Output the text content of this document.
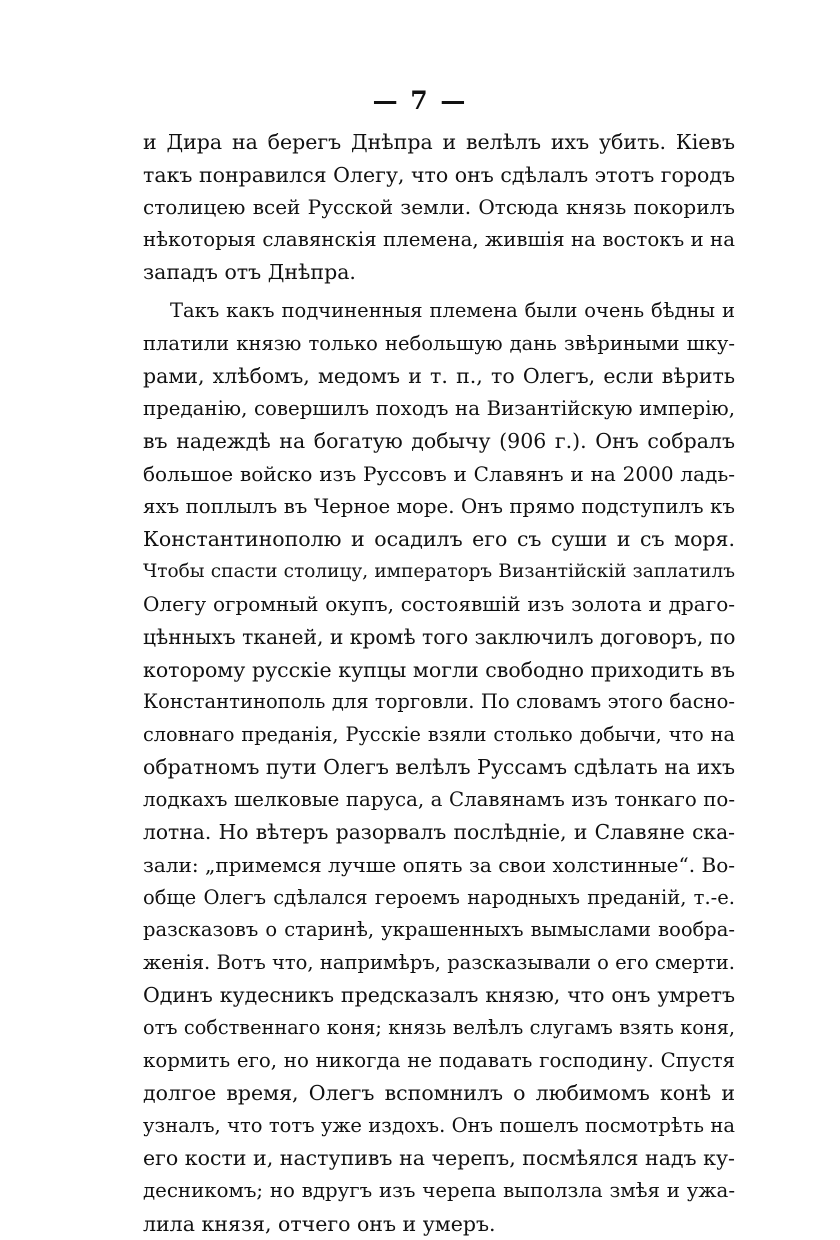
— 7 —
и Дира на берегъ Днѣпра и велѣлъ ихъ убить. Кіевъ
такъ понравился Олегу, что онъ сдѣлалъ этотъ городъ
столицею всей Русской земли. Отсюда князь покорилъ
нѣкоторыя славянскія племена, жившія на востокъ и на
западъ отъ Днѣпра.
Такъ какъ подчиненныя племена были очень бѣдны и
платили князю только небольшую дань звѣриными шку-
рами, хлѣбомъ, медомъ и т. п., то Олегъ, если вѣрить
преданію, совершилъ походъ на Византійскую имперію,
въ надеждѣ на богатую добычу (906 г.). Онъ собралъ
большое войско изъ Руссовъ и Славянъ и на 2000 ладь-
яхъ поплылъ въ Черное море. Онъ прямо подступилъ къ
Константинополю и осадилъ его съ суши и съ моря.
Чтобы спасти столицу, императоръ Византійскій заплатилъ
Олегу огромный окупъ, состоявшій изъ золота и драго-
цѣнныхъ тканей, и кромѣ того заключилъ договоръ, по
которому русскіе купцы могли свободно приходить въ
Константинополь для торговли. По словамъ этого басно-
словнаго преданія, Русскіе взяли столько добычи, что на
обратномъ пути Олегъ велѣлъ Руссамъ сдѣлать на ихъ
лодкахъ шелковые паруса, а Славянамъ изъ тонкаго по-
лотна. Но вѣтеръ разорвалъ послѣдніе, и Славяне ска-
зали: „примемся лучше опять за свои холстинные“. Во-
обще Олегъ сдѣлался героемъ народныхъ преданій, т.-е.
разсказовъ о старинѣ, украшенныхъ вымыслами вообра-
женія. Вотъ что, напримѣръ, разсказывали о его смерти.
Одинъ кудесникъ предсказалъ князю, что онъ умретъ
отъ собственнаго коня; князь велѣлъ слугамъ взять коня,
кормить его, но никогда не подавать господину. Спустя
долгое время, Олегъ вспомнилъ о любимомъ конѣ и
узналъ, что тотъ уже издохъ. Онъ пошелъ посмотрѣть на
его кости и, наступивъ на черепъ, посмѣялся надъ ку-
десникомъ; но вдругъ изъ черепа выползла змѣя и ужа-
лила князя, отчего онъ и умеръ.
